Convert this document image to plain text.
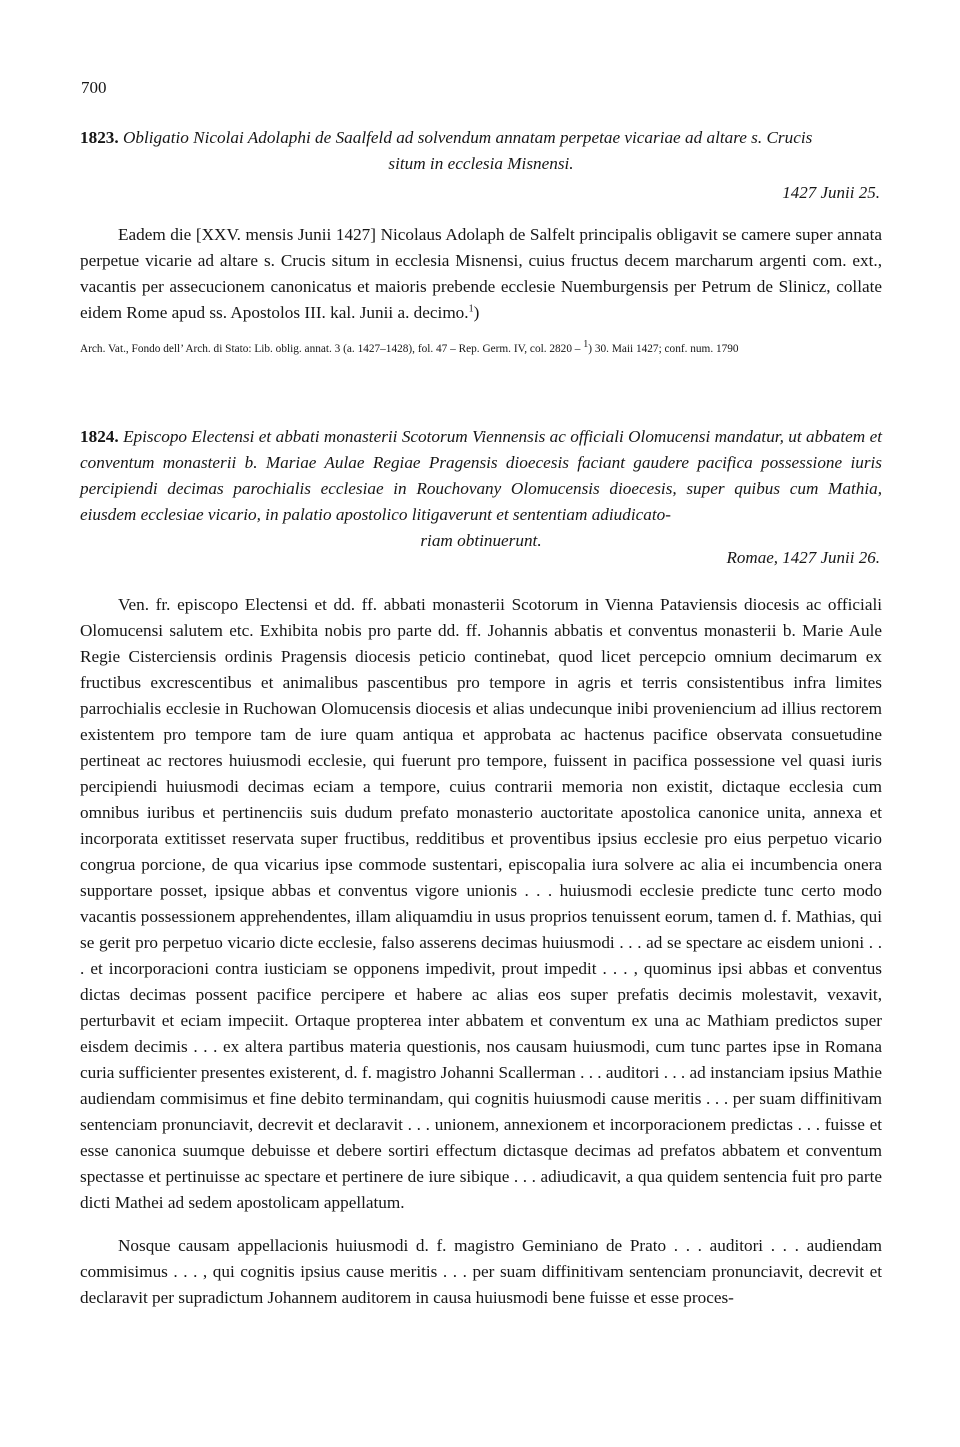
700
1823. Obligatio Nicolai Adolaphi de Saalfeld ad solvendum annatam perpetae vicariae ad altare s. Crucis
situm in ecclesia Misnensi.
1427 Junii 25.
Eadem die [XXV. mensis Junii 1427] Nicolaus Adolaph de Salfelt principalis obligavit se camere super annata perpetue vicarie ad altare s. Crucis situm in ecclesia Misnensi, cuius fructus decem marcharum argenti com. ext., vacantis per assecucionem canonicatus et maioris prebende ecclesie Nuemburgensis per Petrum de Slinicz, collate eidem Rome apud ss. Apostolos III. kal. Junii a. decimo.$^1$)
Arch. Vat., Fondo dell’ Arch. di Stato: Lib. oblig. annat. 3 (a. 1427–1428), fol. 47 – Rep. Germ. IV, col. 2820 – $^1$) 30. Maii 1427; conf. num. 1790
1824. Episcopo Electensi et abbati monasterii Scotorum Viennensis ac officiali Olomucensi mandatur, ut abbatem et conventum monasterii b. Mariae Aulae Regiae Pragensis dioecesis faciant gaudere pacifica possessione iuris percipiendi decimas parochialis ecclesiae in Rouchovany Olomucensis dioecesis, super quibus cum Mathia, eiusdem ecclesiae vicario, in palatio apostolico litigaverunt et sententiam adiudicato-
riam obtinuerunt.
Romae, 1427 Junii 26.
Ven. fr. episcopo Electensi et dd. ff. abbati monasterii Scotorum in Vienna Pataviensis diocesis ac officiali Olomucensi salutem etc. Exhibita nobis pro parte dd. ff. Johannis abbatis et conventus monasterii b. Marie Aule Regie Cisterciensis ordinis Pragensis diocesis peticio continebat, quod licet percepcio omnium decimarum ex fructibus excrescentibus et animalibus pascentibus pro tempore in agris et terris consistentibus infra limites parrochialis ecclesie in Ruchowan Olomucensis diocesis et alias undecunque inibi proveniencium ad illius rectorem existentem pro tempore tam de iure quam antiqua et approbata ac hactenus pacifice observata consuetudine pertineat ac rectores huiusmodi ecclesie, qui fuerunt pro tempore, fuissent in pacifica possessione vel quasi iuris percipiendi huiusmodi decimas eciam a tempore, cuius contrarii memoria non existit, dictaque ecclesia cum omnibus iuribus et pertinenciis suis dudum prefato monasterio auctoritate apostolica canonice unita, annexa et incorporata extitisset reservata super fructibus, redditibus et proventibus ipsius ecclesie pro eius perpetuo vicario congrua porcione, de qua vicarius ipse commode sustentari, episcopalia iura solvere ac alia ei incumbencia onera supportare posset, ipsique abbas et conventus vigore unionis . . . huiusmodi ecclesie predicte tunc certo modo vacantis possessionem apprehendentes, illam aliquamdiu in usus proprios tenuissent eorum, tamen d. f. Mathias, qui se gerit pro perpetuo vicario dicte ecclesie, falso asserens decimas huiusmodi . . . ad se spectare ac eisdem unioni . . . et incorporacioni contra iusticiam se opponens impedivit, prout impedit . . . , quominus ipsi abbas et conventus dictas decimas possent pacifice percipere et habere ac alias eos super prefatis decimis molestavit, vexavit, perturbavit et eciam impeciit. Ortaque propterea inter abbatem et conventum ex una ac Mathiam predictos super eisdem decimis . . . ex altera partibus materia questionis, nos causam huiusmodi, cum tunc partes ipse in Romana curia sufficienter presentes existerent, d. f. magistro Johanni Scallerman . . . auditori . . . ad instanciam ipsius Mathie audiendam commisimus et fine debito terminandam, qui cognitis huiusmodi cause meritis . . . per suam diffinitivam sentenciam pronunciavit, decrevit et declaravit . . . unionem, annexionem et incorporacionem predictas . . . fuisse et esse canonica suumque debuisse et debere sortiri effectum dictasque decimas ad prefatos abbatem et conventum spectasse et pertinuisse ac spectare et pertinere de iure sibique . . . adiudicavit, a qua quidem sentencia fuit pro parte dicti Mathei ad sedem apostolicam appellatum.
Nosque causam appellacionis huiusmodi d. f. magistro Geminiano de Prato . . . auditori . . . audiendam commisimus . . . , qui cognitis ipsius cause meritis . . . per suam diffinitivam sentenciam pronunciavit, decrevit et declaravit per supradictum Johannem auditorem in causa huiusmodi bene fuisse et esse proces-
